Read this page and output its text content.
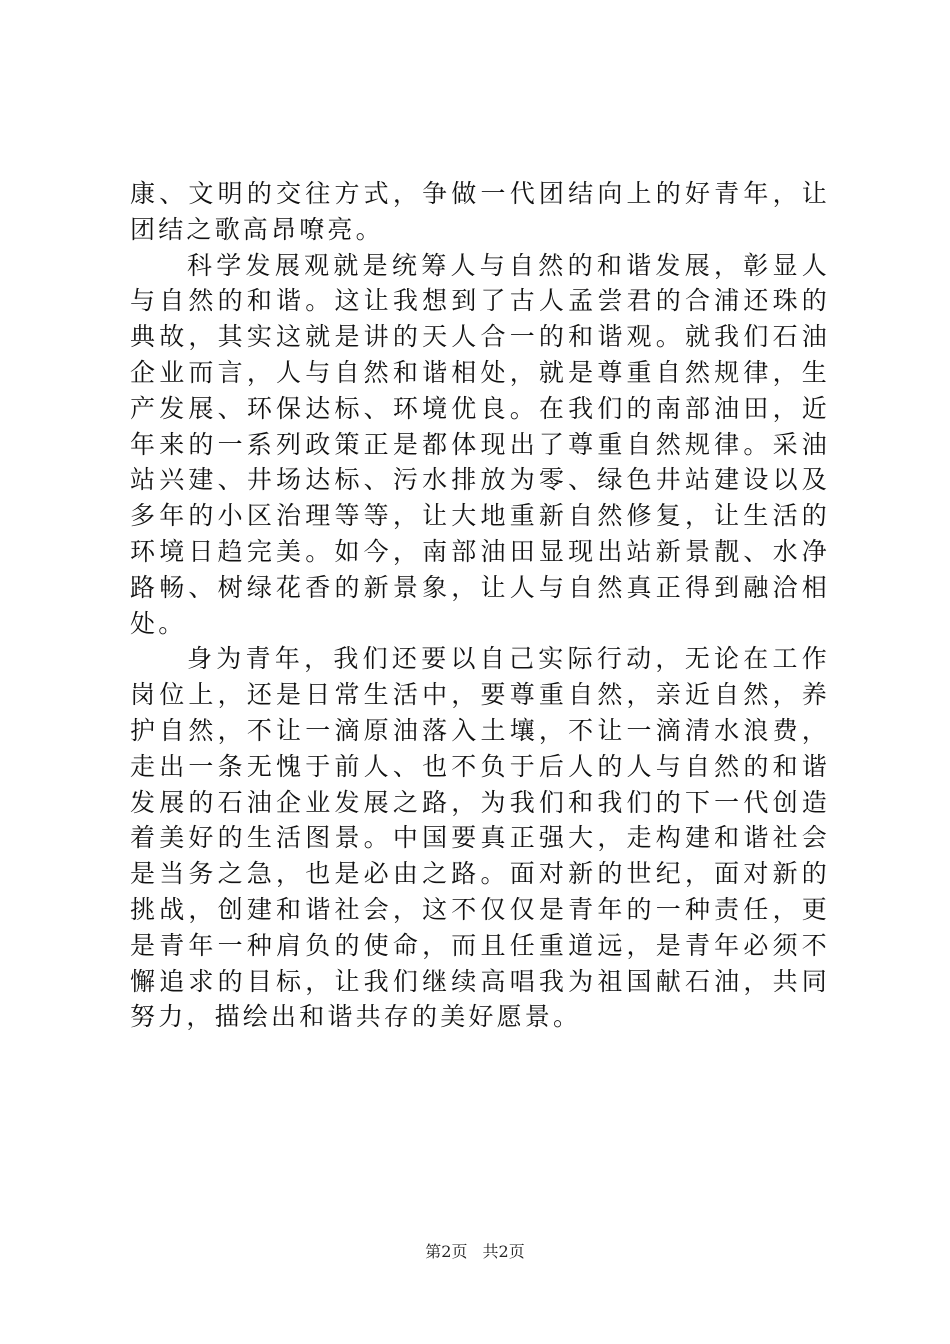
康、文明的交往方式，争做一代团结向上的好青年，让团结之歌高昂嘹亮。

科学发展观就是统筹人与自然的和谐发展，彰显人与自然的和谐。这让我想到了古人孟尝君的合浦还珠的典故，其实这就是讲的天人合一的和谐观。就我们石油企业而言，人与自然和谐相处，就是尊重自然规律，生产发展、环保达标、环境优良。在我们的南部油田，近年来的一系列政策正是都体现出了尊重自然规律。采油站兴建、井场达标、污水排放为零、绿色井站建设以及多年的小区治理等等，让大地重新自然修复，让生活的环境日趋完美。如今，南部油田显现出站新景靓、水净路畅、树绿花香的新景象，让人与自然真正得到融洽相处。

身为青年，我们还要以自己实际行动，无论在工作岗位上，还是日常生活中，要尊重自然，亲近自然，养护自然，不让一滴原油落入土壤，不让一滴清水浪费，走出一条无愧于前人、也不负于后人的人与自然的和谐发展的石油企业发展之路，为我们和我们的下一代创造着美好的生活图景。中国要真正强大，走构建和谐社会是当务之急，也是必由之路。面对新的世纪，面对新的挑战，创建和谐社会，这不仅仅是青年的一种责任，更是青年一种肩负的使命，而且任重道远，是青年必须不懈追求的目标，让我们继续高唱我为祖国献石油，共同努力，描绘出和谐共存的美好愿景。

第2页 共2页
